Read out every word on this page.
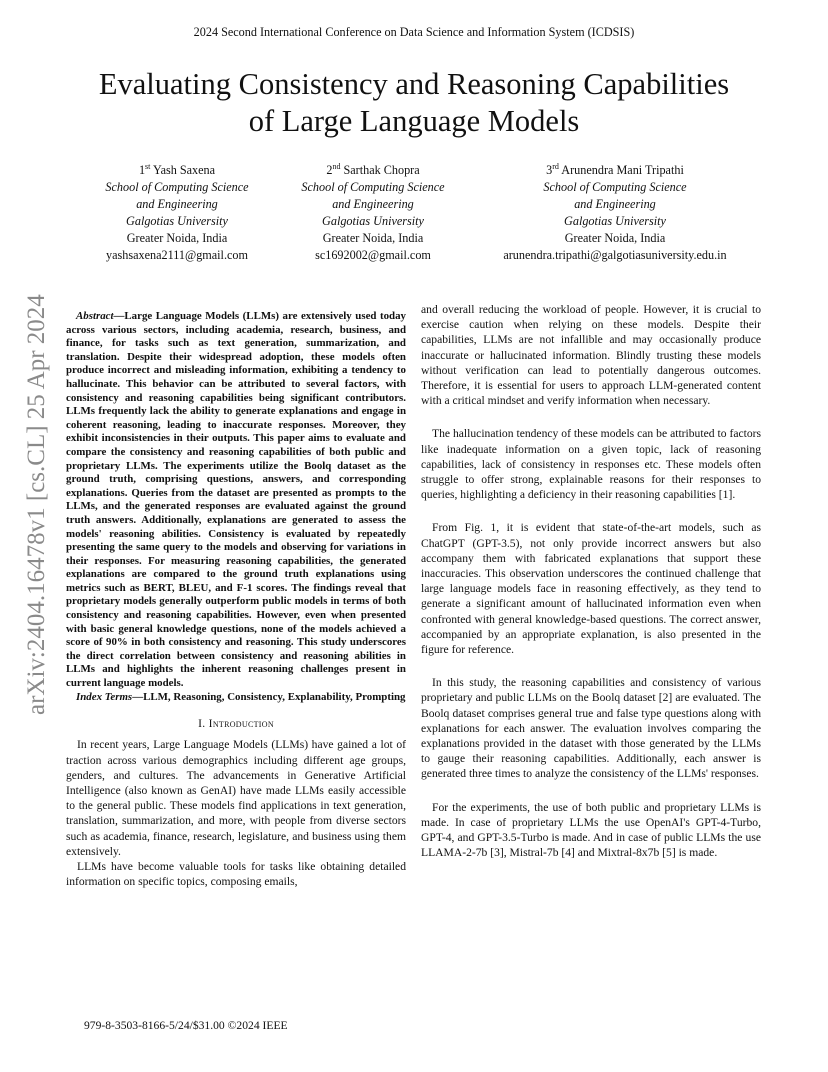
2024 Second International Conference on Data Science and Information System (ICDSIS)
Evaluating Consistency and Reasoning Capabilities
of Large Language Models
1st Yash Saxena
School of Computing Science
and Engineering
Galgotias University
Greater Noida, India
yashsaxena2111@gmail.com
2nd Sarthak Chopra
School of Computing Science
and Engineering
Galgotias University
Greater Noida, India
sc1692002@gmail.com
3rd Arunendra Mani Tripathi
School of Computing Science
and Engineering
Galgotias University
Greater Noida, India
arunendra.tripathi@galgotiasuniversity.edu.in
arXiv:2404.16478v1 [cs.CL] 25 Apr 2024	Abstract—Large Language Models (LLMs) are extensively used today across various sectors, including academia, research, business, and finance, for tasks such as text generation, summarization, and translation. Despite their widespread adoption, these models often produce incorrect and misleading information, exhibiting a tendency to hallucinate. This behavior can be attributed to several factors, with consistency and reasoning capabilities being significant contributors. LLMs frequently lack the ability to generate explanations and engage in coherent reasoning, leading to inaccurate responses. Moreover, they exhibit inconsistencies in their outputs. This paper aims to evaluate and compare the consistency and reasoning capabilities of both public and proprietary LLMs. The experiments utilize the Boolq dataset as the ground truth, comprising questions, answers, and corresponding explanations. Queries from the dataset are presented as prompts to the LLMs, and the generated responses are evaluated against the ground truth answers. Additionally, explanations are generated to assess the models' reasoning abilities. Consistency is evaluated by repeatedly presenting the same query to the models and observing for variations in their responses. For measuring reasoning capabilities, the generated explanations are compared to the ground truth explanations using metrics such as BERT, BLEU, and F-1 scores. The findings reveal that proprietary models generally outperform public models in terms of both consistency and reasoning capabilities. However, even when presented with basic general knowledge questions, none of the models achieved a score of 90% in both consistency and reasoning. This study underscores the direct correlation between consistency and reasoning abilities in LLMs and highlights the inherent reasoning challenges present in current language models.

Index Terms—LLM, Reasoning, Consistency, Explanability, Prompting

I. Introduction

In recent years, Large Language Models (LLMs) have gained a lot of traction across various demographics including different age groups, genders, and cultures. The advancements in Generative Artificial Intelligence (also known as GenAI) have made LLMs easily accessible to the general public. These models find applications in text generation, translation, summarization, and more, with people from diverse sectors such as academia, finance, research, legislature, and business using them extensively.

LLMs have become valuable tools for tasks like obtaining detailed information on specific topics, composing emails,

and overall reducing the workload of people. However, it is crucial to exercise caution when relying on these models. Despite their capabilities, LLMs are not infallible and may occasionally produce inaccurate or hallucinated information. Blindly trusting these models without verification can lead to potentially dangerous outcomes. Therefore, it is essential for users to approach LLM-generated content with a critical mindset and verify information when necessary.

The hallucination tendency of these models can be attributed to factors like inadequate information on a given topic, lack of reasoning capabilities, lack of consistency in responses etc. These models often struggle to offer strong, explainable reasons for their responses to queries, highlighting a deficiency in their reasoning capabilities [1].

From Fig. 1, it is evident that state-of-the-art models, such as ChatGPT (GPT-3.5), not only provide incorrect answers but also accompany them with fabricated explanations that support these inaccuracies. This observation underscores the continued challenge that large language models face in reasoning effectively, as they tend to generate a significant amount of hallucinated information even when confronted with general knowledge-based questions. The correct answer, accompanied by an appropriate explanation, is also presented in the figure for reference.

In this study, the reasoning capabilities and consistency of various proprietary and public LLMs on the Boolq dataset [2] are evaluated. The Boolq dataset comprises general true and false type questions along with explanations for each answer. The evaluation involves comparing the explanations provided in the dataset with those generated by the LLMs to gauge their reasoning capabilities. Additionally, each answer is generated three times to analyze the consistency of the LLMs' responses.

For the experiments, the use of both public and proprietary LLMs is made. In case of proprietary LLMs the use OpenAI's GPT-4-Turbo, GPT-4, and GPT-3.5-Turbo is made. And in case of public LLMs the use LLAMA-2-7b [3], Mistral-7b [4] and Mixtral-8x7b [5] is made.

979-8-3503-8166-5/24/$31.00 ©2024 IEEE
